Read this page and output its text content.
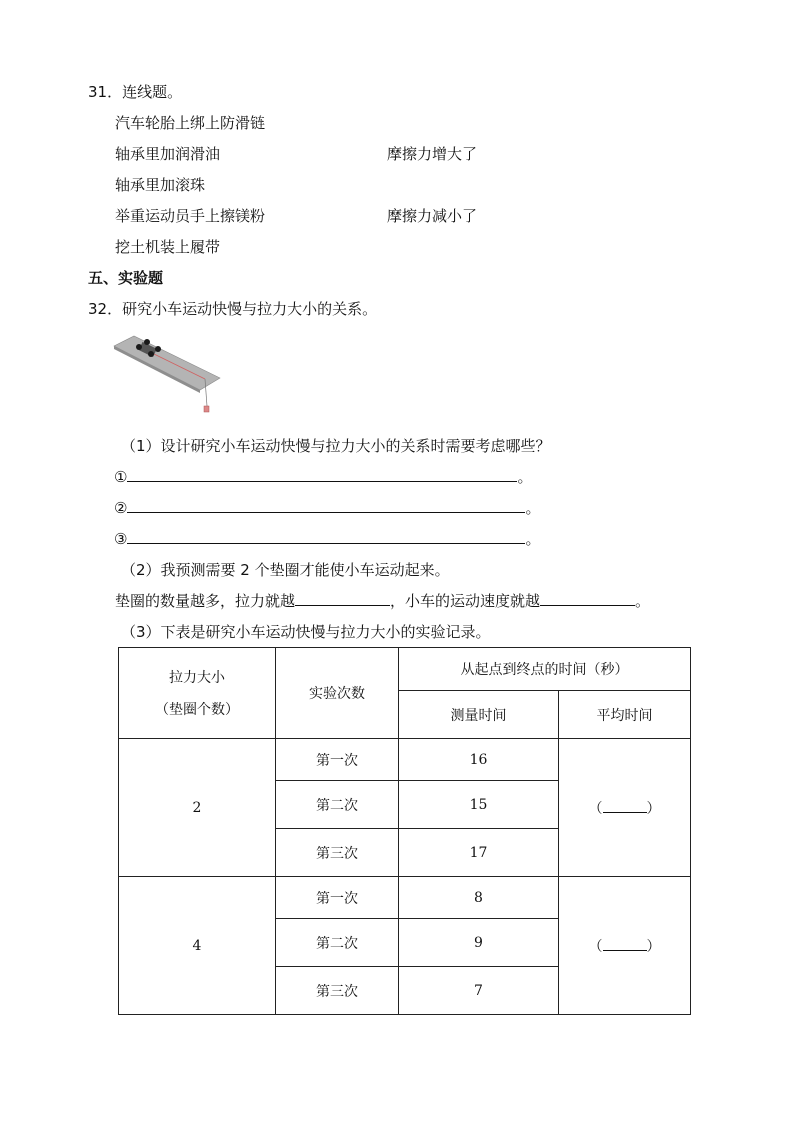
31．连线题。
汽车轮胎上绑上防滑链
轴承里加润滑油	摩擦力增大了
轴承里加滚珠
举重运动员手上擦镁粉	摩擦力减小了
挖土机装上履带
五、实验题
32．研究小车运动快慢与拉力大小的关系。
（1）设计研究小车运动快慢与拉力大小的关系时需要考虑哪些？
①	。
②	。
③	。
（2）我预测需要 2 个垫圈才能使小车运动起来。
垫圈的数量越多，拉力就越	，小车的运动速度就越	。
（3）下表是研究小车运动快慢与拉力大小的实验记录。
拉力大小
（垫圈个数）	实验次数	从起点到终点的时间（秒）	
		测量时间	平均时间
2	第一次	16	（ ）
	第二次	15	
	第三次	17	
4	第一次	8	（ ）
	第二次	9	
	第三次	7	
